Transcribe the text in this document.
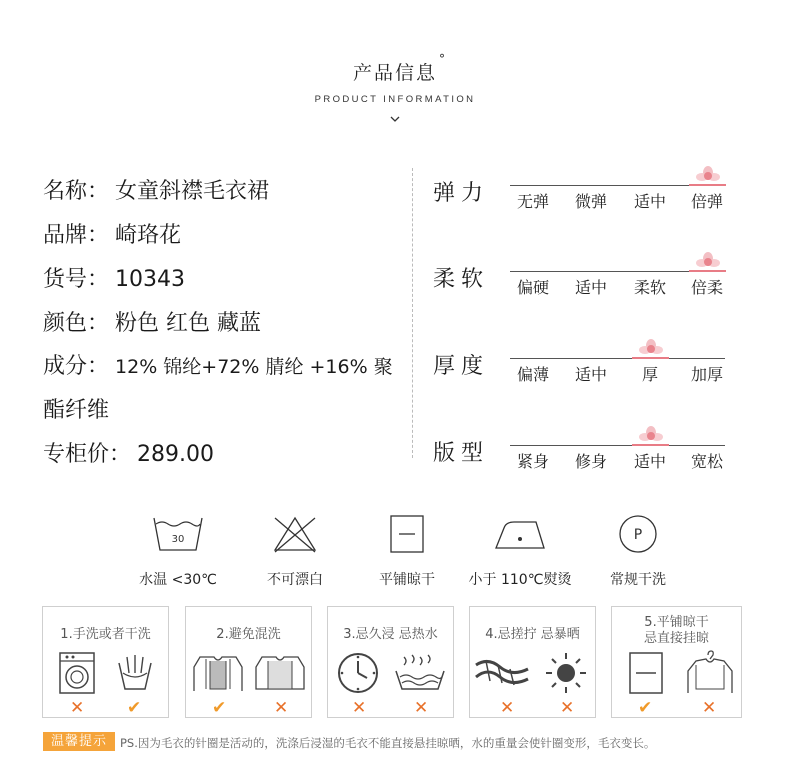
产品信息
°
PRODUCT INFORMATION
名称： 女童斜襟毛衣裙
品牌： 崎珞花
货号： 10343
颜色： 粉色 红色 藏蓝
成分： 12% 锦纶+72% 腈纶 +16% 聚
酯纤维
专柜价： 289.00
弹力	无弹	微弹	适中	倍弹
柔软	偏硬	适中	柔软	倍柔
厚度	偏薄	适中	厚	加厚
版型	紧身	修身	适中	宽松
30
水温 <30℃	不可漂白	平铺晾干	小于 110℃熨烫
P
常规干洗
1.手洗或者干洗
✕	✔
2.避免混洗
✔	✕
3.忌久浸 忌热水
✕	✕
4.忌搓拧 忌暴晒
✕	✕
5.平铺晾干
忌直接挂晾
✔	✕
温馨提示	PS.因为毛衣的针圈是活动的，洗涤后浸湿的毛衣不能直接悬挂晾晒，水的重量会使针圈变形，毛衣变长。
